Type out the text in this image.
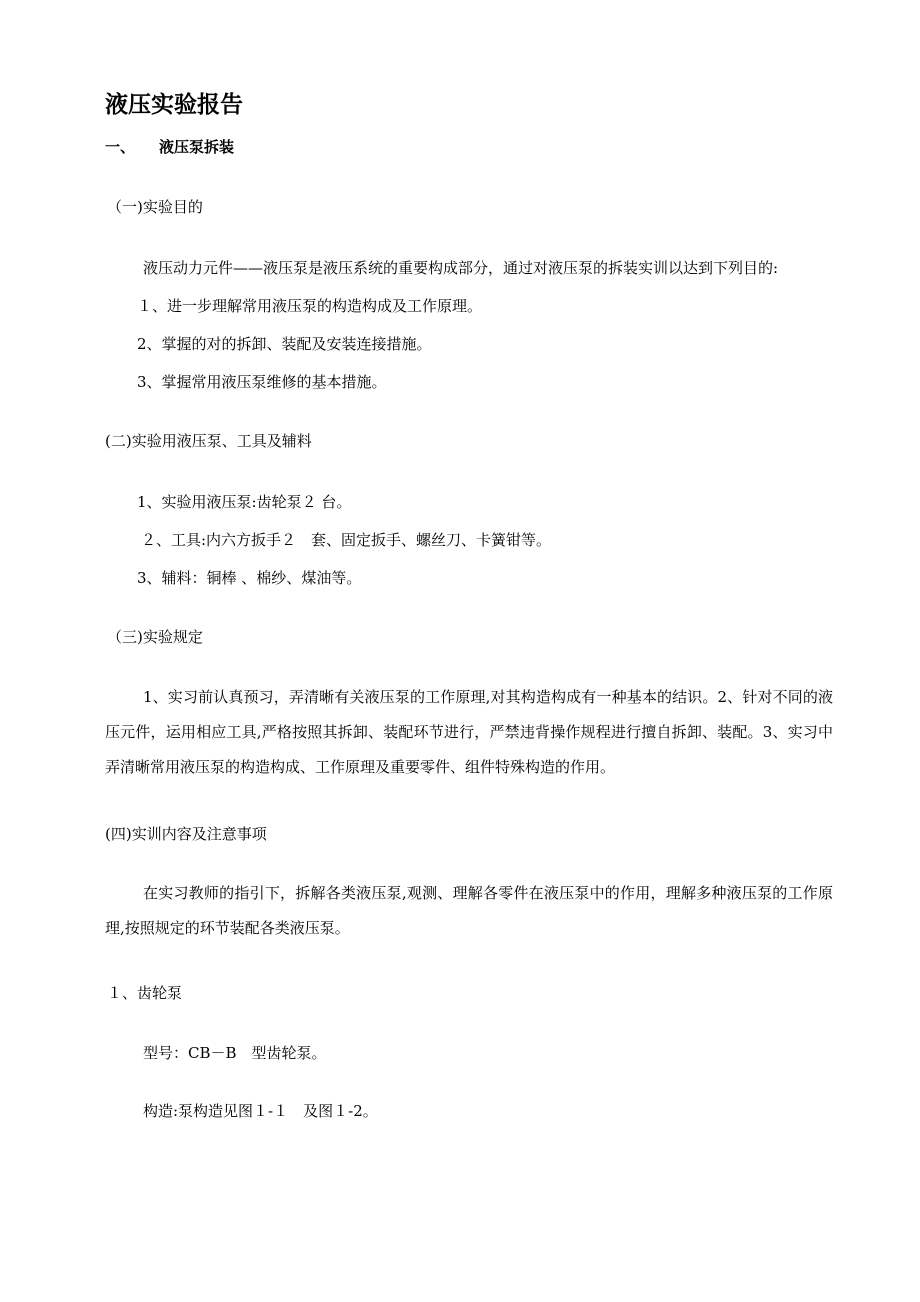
液压实验报告
一、 液压泵拆装
（一)实验目的
液压动力元件——液压泵是液压系统的重要构成部分，通过对液压泵的拆装实训以达到下列目的:
１、进一步理解常用液压泵的构造构成及工作原理。
2、掌握的对的拆卸、装配及安装连接措施。
3、掌握常用液压泵维修的基本措施。
(二)实验用液压泵、工具及辅料
1、实验用液压泵:齿轮泵２ 台。
２、工具:内六方扳手２　套、固定扳手、螺丝刀、卡簧钳等。
3、辅料：铜棒 、棉纱、煤油等。
（三)实验规定

1、实习前认真预习，弄清晰有关液压泵的工作原理,对其构造构成有一种基本的结识。2、针对不同的液压元件，运用相应工具,严格按照其拆卸、装配环节进行，严禁违背操作规程进行擅自拆卸、装配。3、实习中弄清晰常用液压泵的构造构成、工作原理及重要零件、组件特殊构造的作用。

(四)实训内容及注意事项

在实习教师的指引下，拆解各类液压泵,观测、理解各零件在液压泵中的作用，理解多种液压泵的工作原理,按照规定的环节装配各类液压泵。

１、齿轮泵
型号：CB－B　型齿轮泵。
构造:泵构造见图１-１　及图１-2。
